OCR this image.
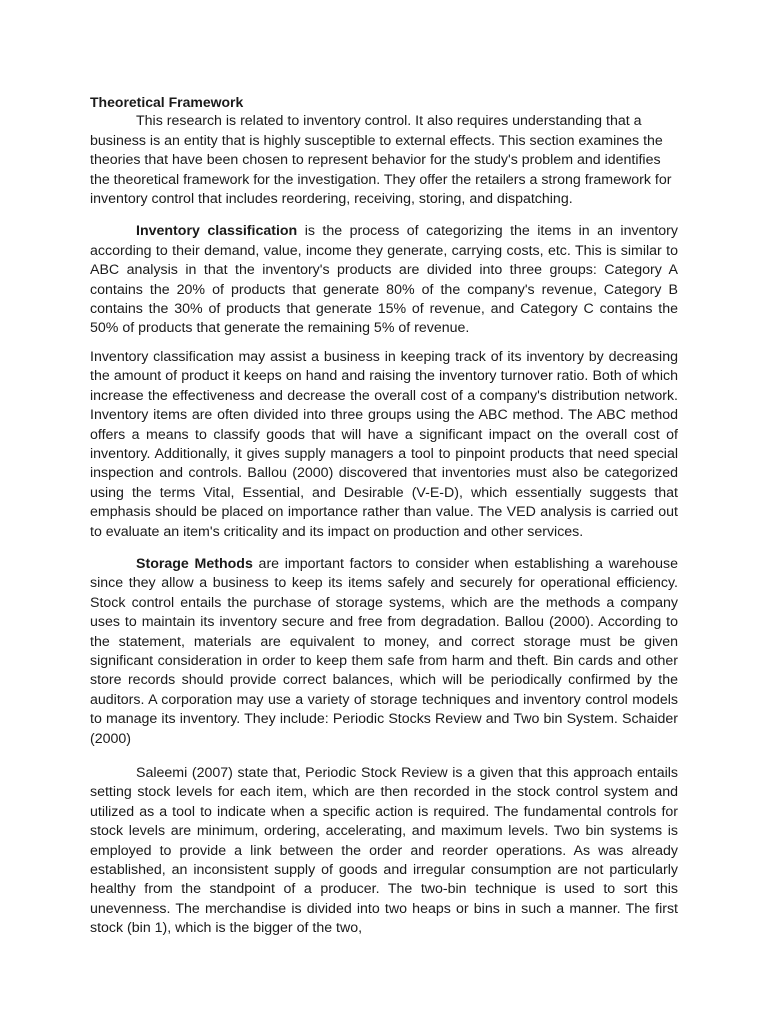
Theoretical Framework

This research is related to inventory control. It also requires understanding that a business is an entity that is highly susceptible to external effects. This section examines the theories that have been chosen to represent behavior for the study's problem and identifies the theoretical framework for the investigation. They offer the retailers a strong framework for inventory control that includes reordering, receiving, storing, and dispatching.

Inventory classification is the process of categorizing the items in an inventory according to their demand, value, income they generate, carrying costs, etc. This is similar to ABC analysis in that the inventory's products are divided into three groups: Category A contains the 20% of products that generate 80% of the company's revenue, Category B contains the 30% of products that generate 15% of revenue, and Category C contains the 50% of products that generate the remaining 5% of revenue.

Inventory classification may assist a business in keeping track of its inventory by decreasing the amount of product it keeps on hand and raising the inventory turnover ratio. Both of which increase the effectiveness and decrease the overall cost of a company's distribution network. Inventory items are often divided into three groups using the ABC method. The ABC method offers a means to classify goods that will have a significant impact on the overall cost of inventory. Additionally, it gives supply managers a tool to pinpoint products that need special inspection and controls. Ballou (2000) discovered that inventories must also be categorized using the terms Vital, Essential, and Desirable (V-E-D), which essentially suggests that emphasis should be placed on importance rather than value. The VED analysis is carried out to evaluate an item's criticality and its impact on production and other services.

Storage Methods are important factors to consider when establishing a warehouse since they allow a business to keep its items safely and securely for operational efficiency. Stock control entails the purchase of storage systems, which are the methods a company uses to maintain its inventory secure and free from degradation. Ballou (2000). According to the statement, materials are equivalent to money, and correct storage must be given significant consideration in order to keep them safe from harm and theft. Bin cards and other store records should provide correct balances, which will be periodically confirmed by the auditors. A corporation may use a variety of storage techniques and inventory control models to manage its inventory. They include: Periodic Stocks Review and Two bin System. Schaider (2000)

Saleemi (2007) state that, Periodic Stock Review is a given that this approach entails setting stock levels for each item, which are then recorded in the stock control system and utilized as a tool to indicate when a specific action is required. The fundamental controls for stock levels are minimum, ordering, accelerating, and maximum levels. Two bin systems is employed to provide a link between the order and reorder operations. As was already established, an inconsistent supply of goods and irregular consumption are not particularly healthy from the standpoint of a producer. The two-bin technique is used to sort this unevenness. The merchandise is divided into two heaps or bins in such a manner. The first stock (bin 1), which is the bigger of the two,
